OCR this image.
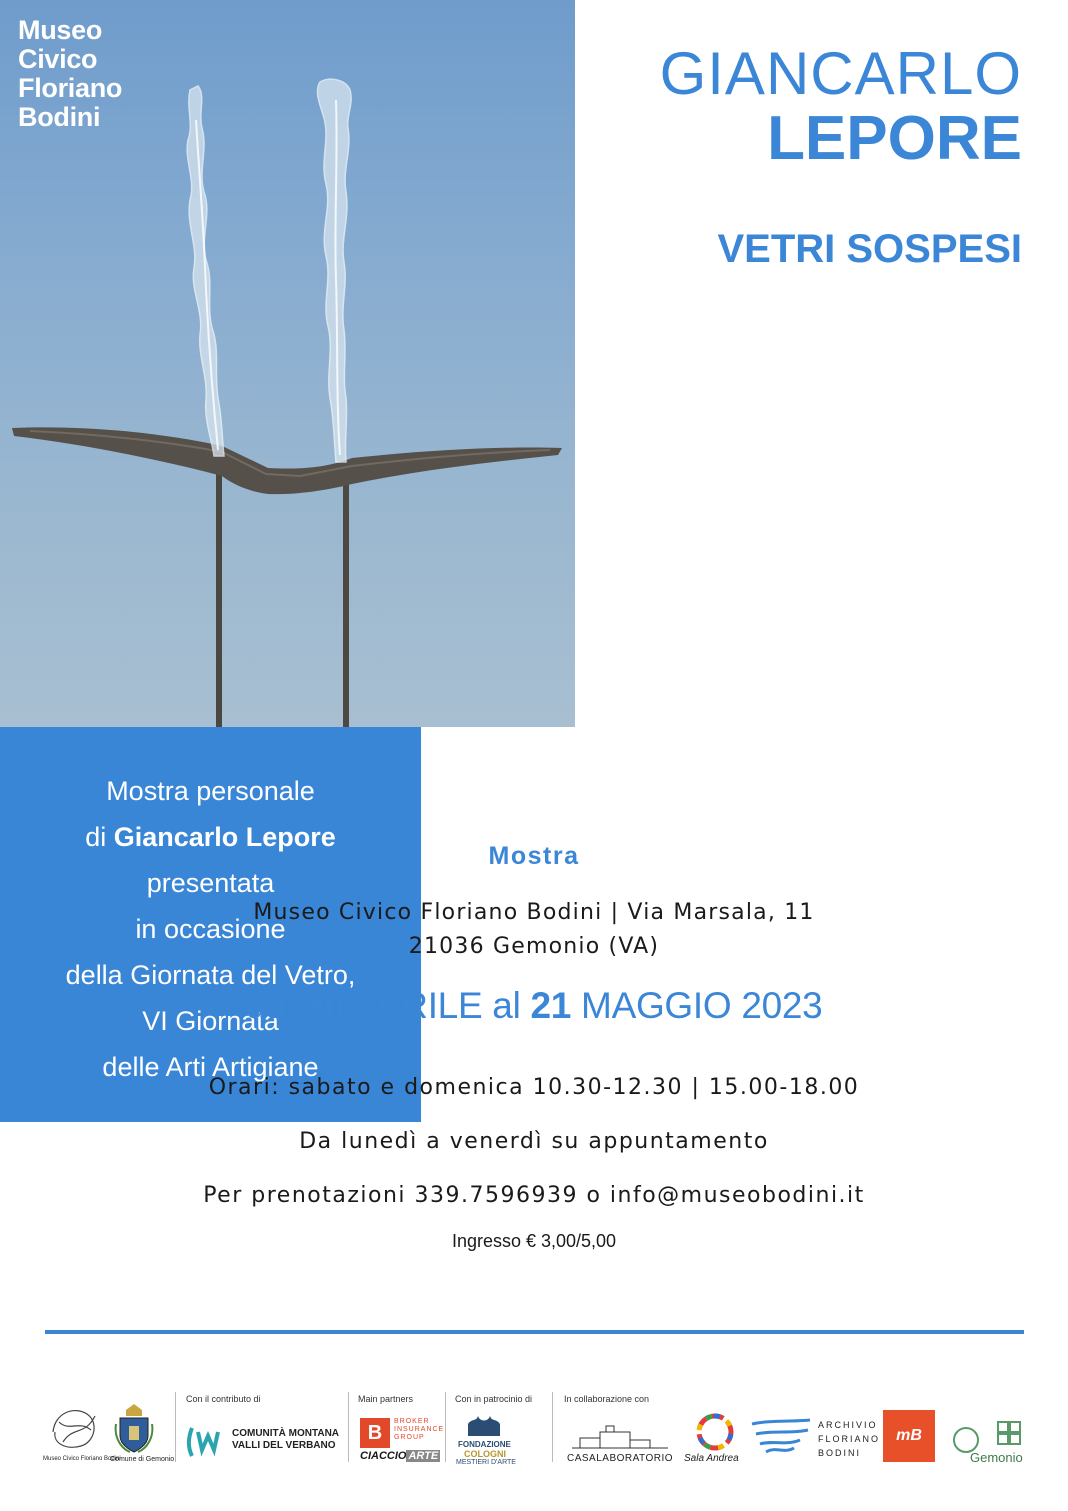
Museo
Civico
Floriano
Bodini
GIANCARLO
LEPORE
VETRI SOSPESI
Mostra personale
di Giancarlo Lepore
presentata
in occasione
della Giornata del Vetro,
VI Giornata
delle Arti Artigiane
Mostra
Museo Civico Floriano Bodini | Via Marsala, 11
21036 Gemonio (VA)
dal 30 APRILE al 21 MAGGIO 2023
Orari: sabato e domenica 10.30-12.30 | 15.00-18.00
Da lunedì a venerdì su appuntamento
Per prenotazioni 339.7596939 o info@museobodini.it
Ingresso € 3,00/5,00
Museo Civico Floriano Bodini
Comune di Gemonio
Con il contributo di
COMUNITÀ MONTANA
VALLI DEL VERBANO
Main partners
B
BROKER
INSURANCE
GROUP
CIACCIO ARTE
Con in patrocinio di
FONDAZIONE
COLOGNI
MESTIERI D'ARTE
In collaborazione con
CASALABORATORIO Sala Andrea
ARCHIVIO
FLORIANO
BODINI
mB
Gemonio
